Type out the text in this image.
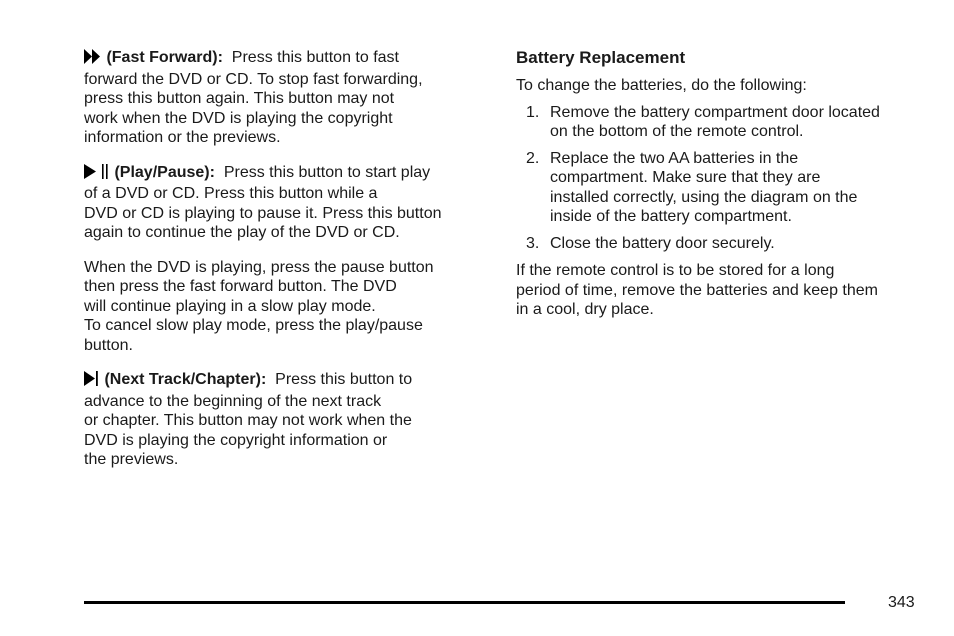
(Fast Forward): Press this button to fast
forward the DVD or CD. To stop fast forwarding,
press this button again. This button may not
work when the DVD is playing the copyright
information or the previews.

(Play/Pause): Press this button to start play
of a DVD or CD. Press this button while a
DVD or CD is playing to pause it. Press this button
again to continue the play of the DVD or CD.

When the DVD is playing, press the pause button
then press the fast forward button. The DVD
will continue playing in a slow play mode.
To cancel slow play mode, press the play/pause
button.

(Next Track/Chapter): Press this button to
advance to the beginning of the next track
or chapter. This button may not work when the
DVD is playing the copyright information or
the previews.

Battery Replacement

To change the batteries, do the following:

1. Remove the battery compartment door located
on the bottom of the remote control.
2. Replace the two AA batteries in the
compartment. Make sure that they are
installed correctly, using the diagram on the
inside of the battery compartment.
3. Close the battery door securely.

If the remote control is to be stored for a long
period of time, remove the batteries and keep them
in a cool, dry place.

343
